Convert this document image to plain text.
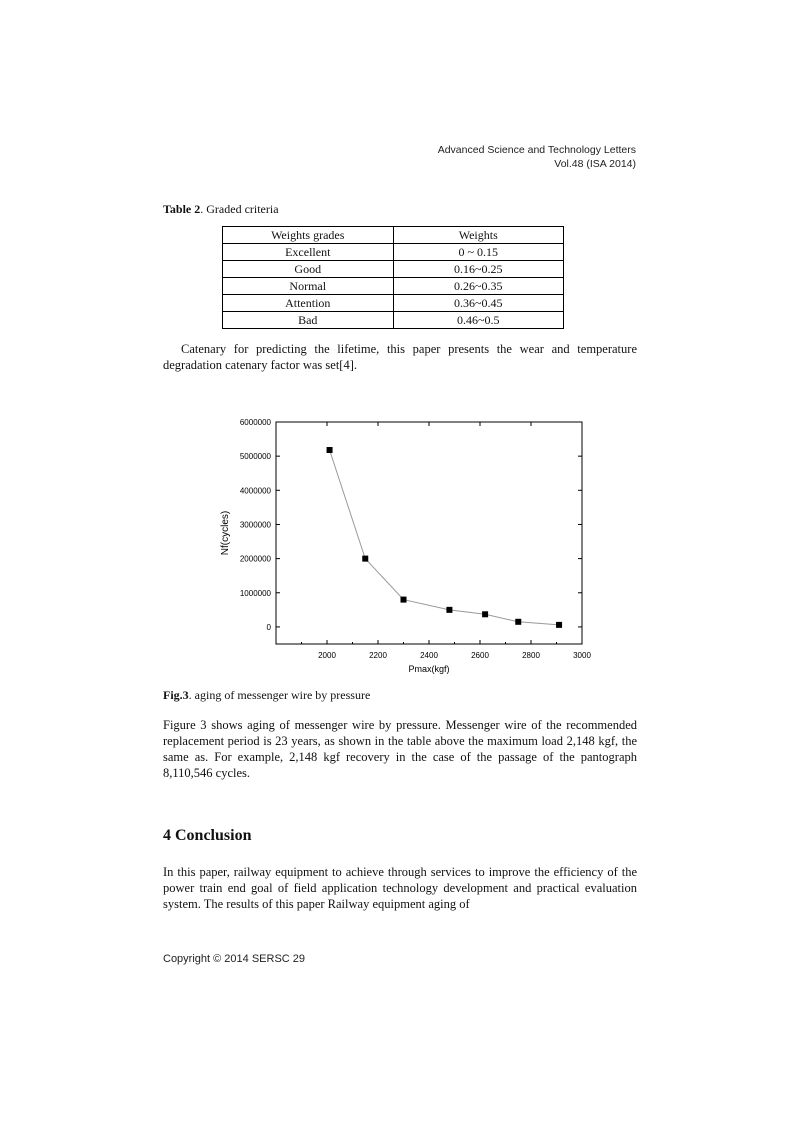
Advanced Science and Technology Letters
Vol.48 (ISA 2014)
Table 2. Graded criteria
Weights grades	Weights
Excellent	0 ~ 0.15
Good	0.16~0.25
Normal	0.26~0.35
Attention	0.36~0.45
Bad	0.46~0.5
Catenary for predicting the lifetime, this paper presents the wear and temperature degradation catenary factor was set[4].
0
1000000
2000000
3000000
4000000
5000000
6000000
2000	2200	2400	2600	2800	3000
Pmax(kgf)
Nf(cycles)
Fig.3. aging of messenger wire by pressure
Figure 3 shows aging of messenger wire by pressure. Messenger wire of the recommended replacement period is 23 years, as shown in the table above the maximum load 2,148 kgf, the same as. For example, 2,148 kgf recovery in the case of the passage of the pantograph 8,110,546 cycles.
4 Conclusion
In this paper, railway equipment to achieve through services to improve the efficiency of the power train end goal of field application technology development and practical evaluation system. The results of this paper Railway equipment aging of
Copyright © 2014 SERSC 29
